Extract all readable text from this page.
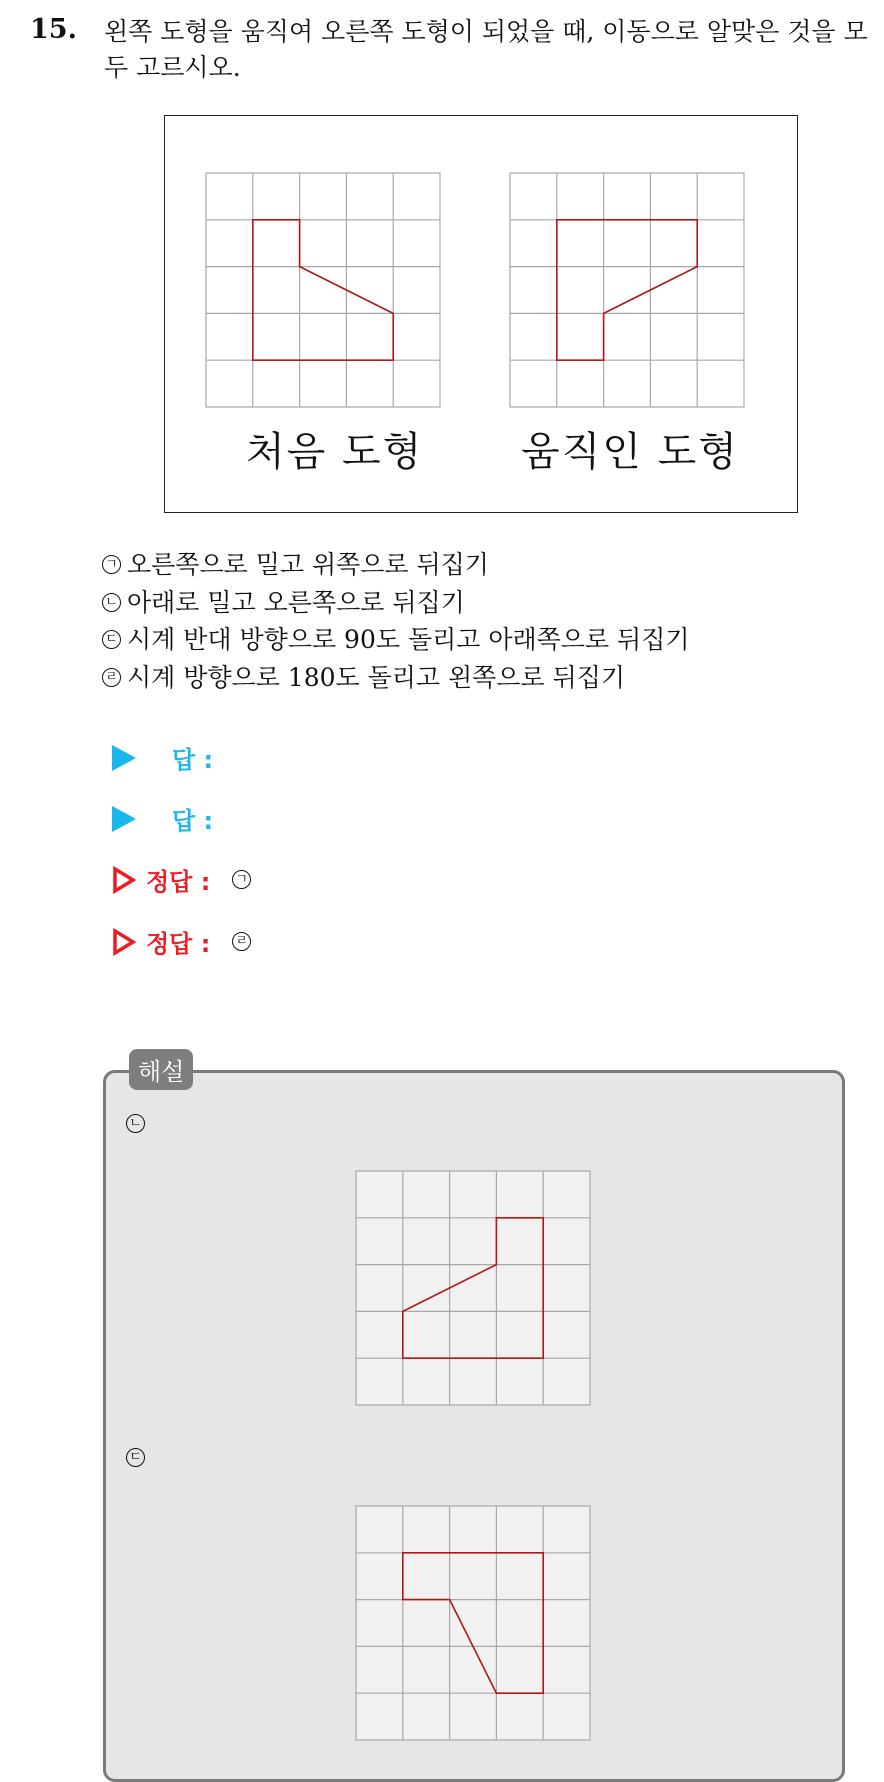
15. 왼쪽 도형을 움직여 오른쪽 도형이 되었을 때, 이동으로 알맞은 것을 모두 고르시오.
처음 도형 움직인 도형
ㄱ 오른쪽으로 밀고 위쪽으로 뒤집기
ㄴ 아래로 밀고 오른쪽으로 뒤집기
ㄷ 시계 반대 방향으로 90도 돌리고 아래쪽으로 뒤집기
ㄹ 시계 방향으로 180도 돌리고 왼쪽으로 뒤집기
답 :
답 :
정답 : ㄱ
정답 : ㄹ
해설
ㄴ
ㄷ
